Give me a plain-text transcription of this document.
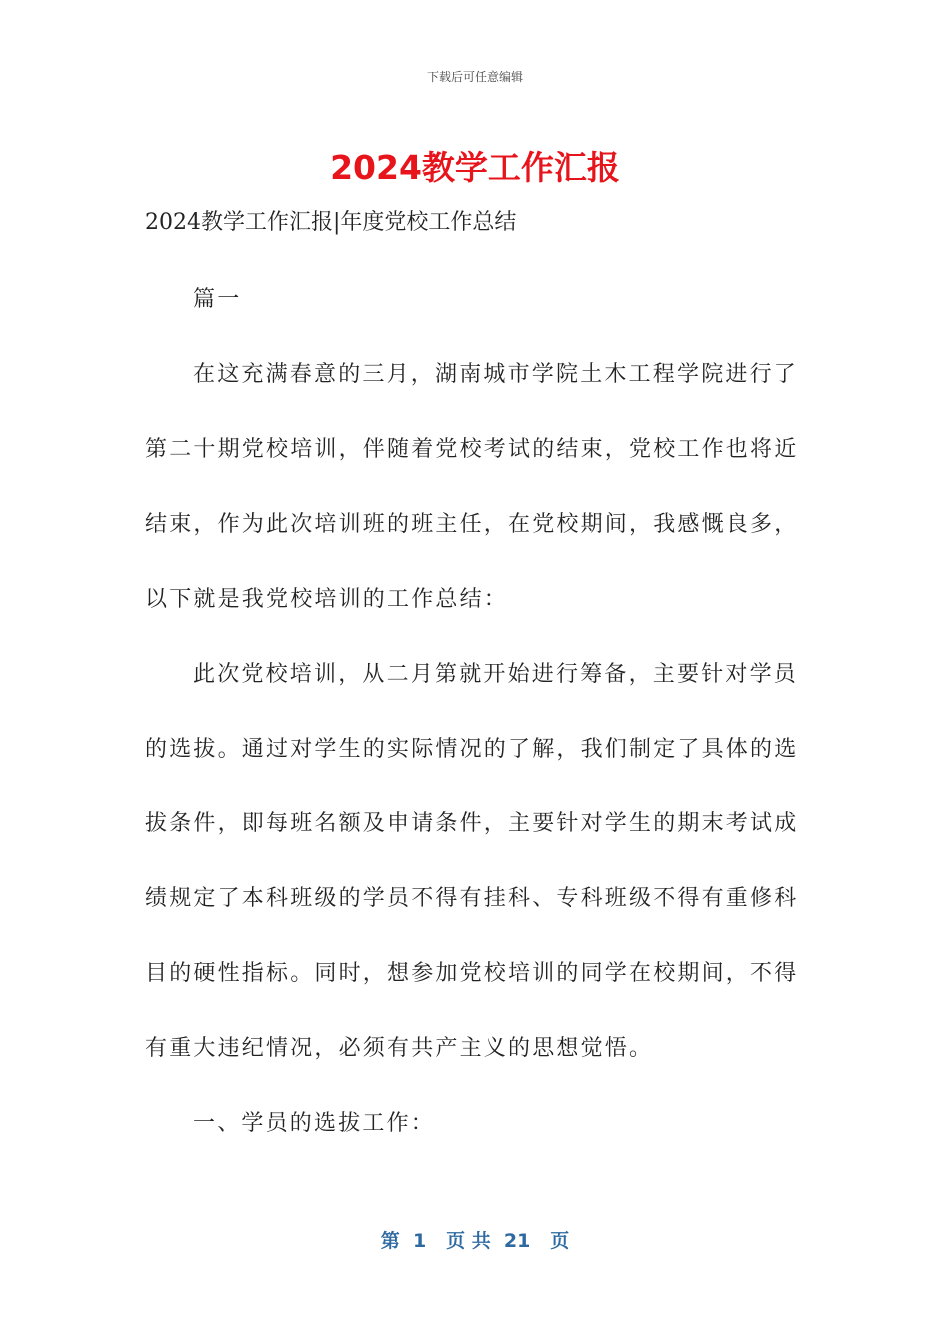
下载后可任意编辑
2024教学工作汇报
2024教学工作汇报|年度党校工作总结
篇一
在这充满春意的三月，湖南城市学院土木工程学院进行了
第二十期党校培训，伴随着党校考试的结束，党校工作也将近
结束，作为此次培训班的班主任，在党校期间，我感慨良多，
以下就是我党校培训的工作总结：
此次党校培训，从二月第就开始进行筹备，主要针对学员
的选拔。通过对学生的实际情况的了解，我们制定了具体的选
拔条件，即每班名额及申请条件，主要针对学生的期末考试成
绩规定了本科班级的学员不得有挂科、专科班级不得有重修科
目的硬性指标。同时，想参加党校培训的同学在校期间，不得
有重大违纪情况，必须有共产主义的思想觉悟。
一、学员的选拔工作：
第  1   页 共  21   页
